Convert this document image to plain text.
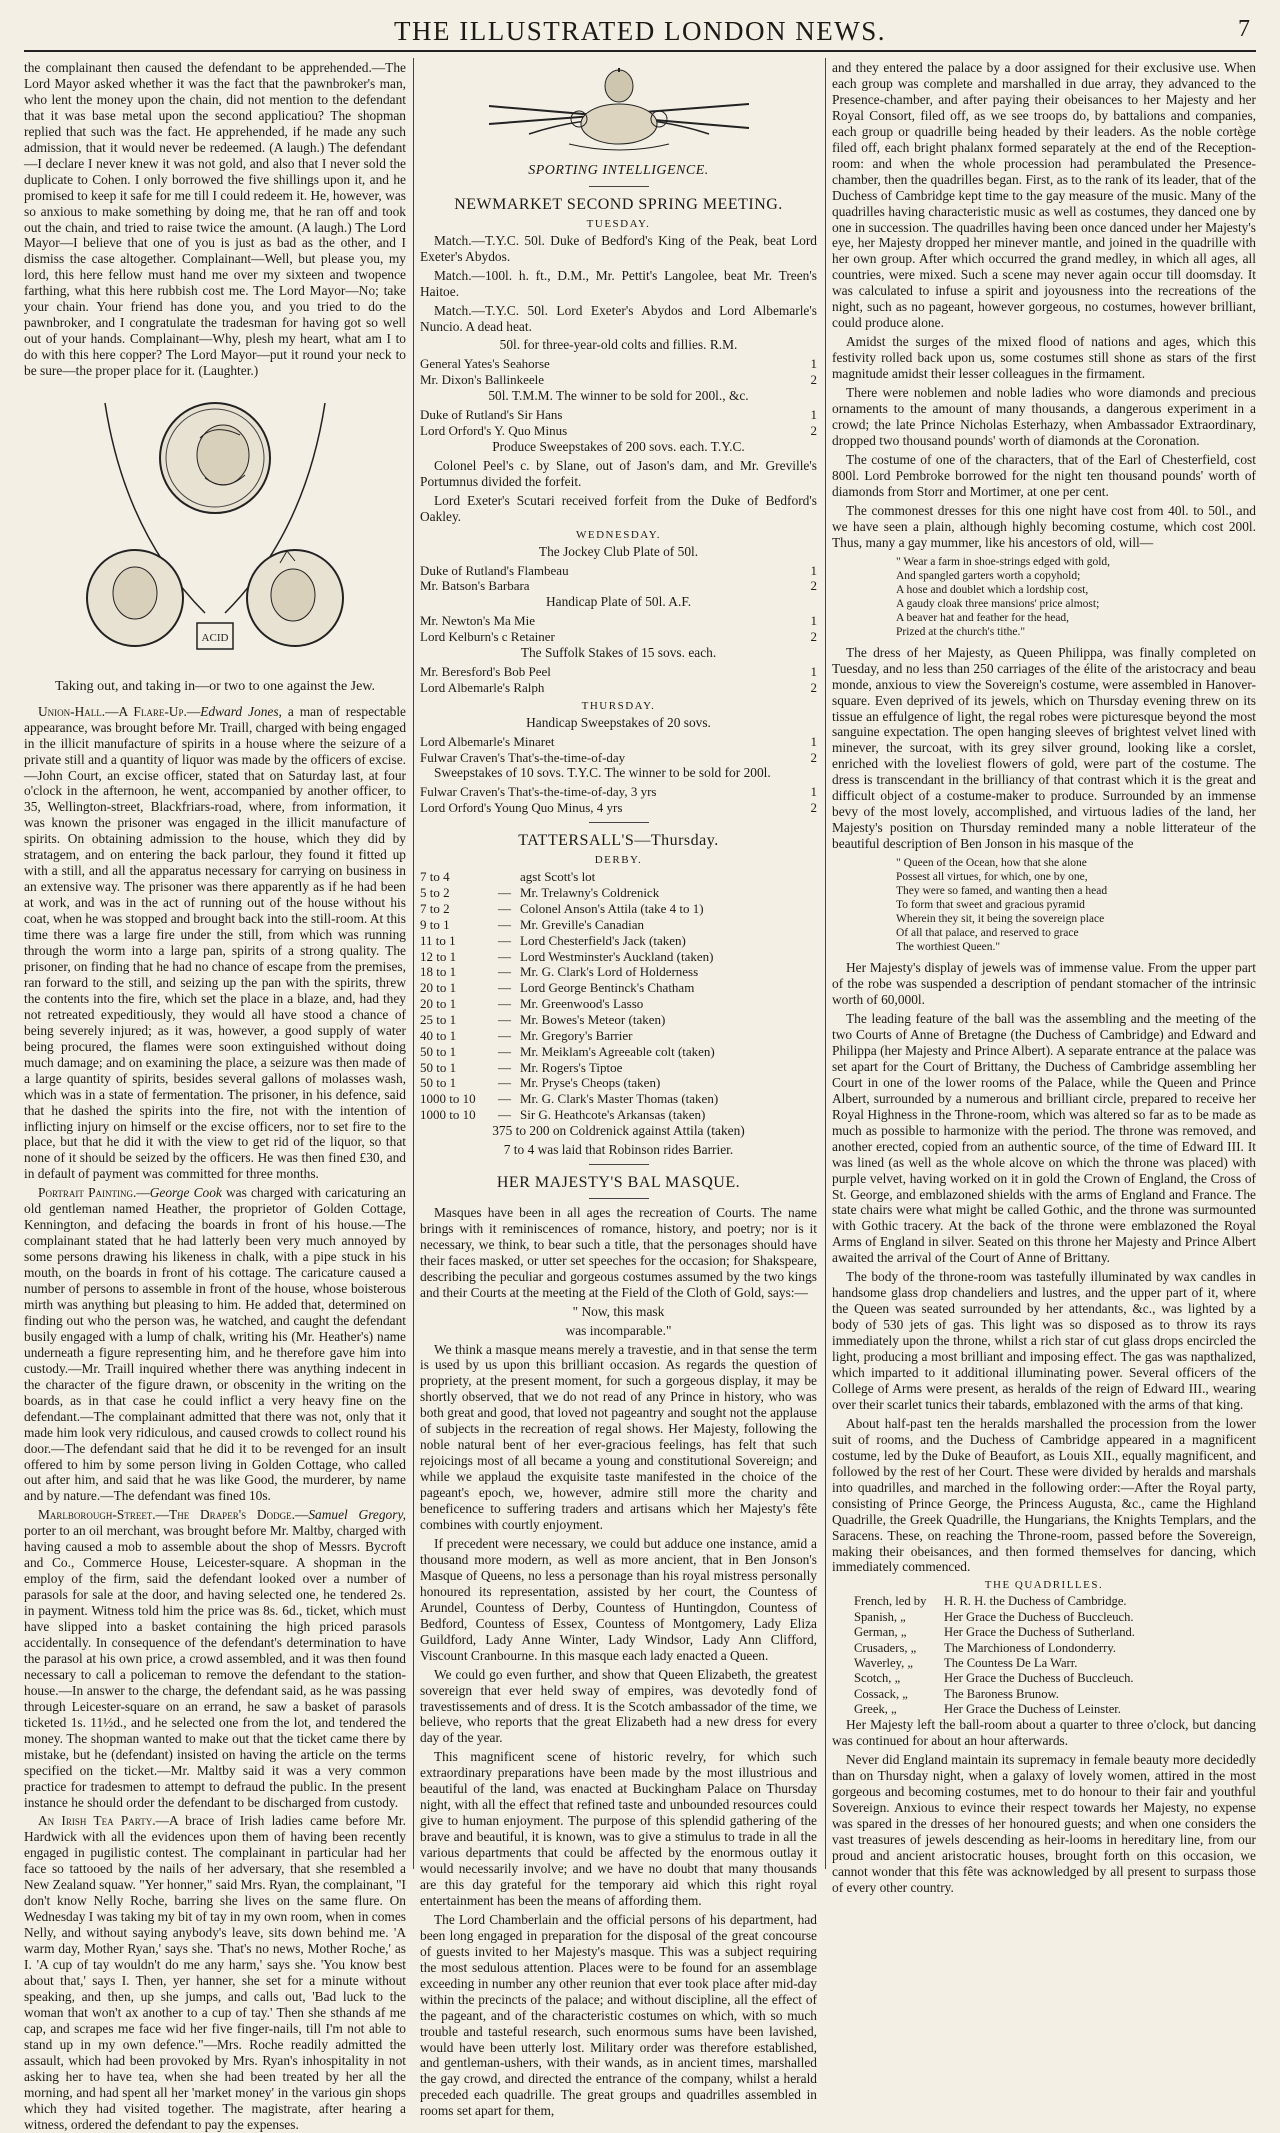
THE ILLUSTRATED LONDON NEWS.	7

the complainant then caused the defendant to be apprehended.—The Lord Mayor asked whether it was the fact that the pawnbroker's man, who lent the money upon the chain, did not mention to the defendant that it was base metal upon the second applicatiou? The shopman replied that such was the fact. He apprehended, if he made any such admission, that it would never be redeemed. (A laugh.) The defendant—I declare I never knew it was not gold, and also that I never sold the duplicate to Cohen. I only borrowed the five shillings upon it, and he promised to keep it safe for me till I could redeem it. He, however, was so anxious to make something by doing me, that he ran off and took out the chain, and tried to raise twice the amount. (A laugh.) The Lord Mayor—I believe that one of you is just as bad as the other, and I dismiss the case altogether. Complainant—Well, but please you, my lord, this here fellow must hand me over my sixteen and twopence farthing, what this here rubbish cost me. The Lord Mayor—No; take your chain. Your friend has done you, and you tried to do the pawnbroker, and I congratulate the tradesman for having got so well out of your hands. Complainant—Why, plesh my heart, what am I to do with this here copper? The Lord Mayor—put it round your neck to be sure—the proper place for it. (Laughter.)

ACID

Taking out, and taking in—or two to one against the Jew.

Union-Hall.—A Flare-Up.—Edward Jones, a man of respectable appearance, was brought before Mr. Traill, charged with being engaged in the illicit manufacture of spirits in a house where the seizure of a private still and a quantity of liquor was made by the officers of excise.—John Court, an excise officer, stated that on Saturday last, at four o'clock in the afternoon, he went, accompanied by another officer, to 35, Wellington-street, Blackfriars-road, where, from information, it was known the prisoner was engaged in the illicit manufacture of spirits. On obtaining admission to the house, which they did by stratagem, and on entering the back parlour, they found it fitted up with a still, and all the apparatus necessary for carrying on business in an extensive way. The prisoner was there apparently as if he had been at work, and was in the act of running out of the house without his coat, when he was stopped and brought back into the still-room. At this time there was a large fire under the still, from which was running through the worm into a large pan, spirits of a strong quality. The prisoner, on finding that he had no chance of escape from the premises, ran forward to the still, and seizing up the pan with the spirits, threw the contents into the fire, which set the place in a blaze, and, had they not retreated expeditiously, they would all have stood a chance of being severely injured; as it was, however, a good supply of water being procured, the flames were soon extinguished without doing much damage; and on examining the place, a seizure was then made of a large quantity of spirits, besides several gallons of molasses wash, which was in a state of fermentation. The prisoner, in his defence, said that he dashed the spirits into the fire, not with the intention of inflicting injury on himself or the excise officers, nor to set fire to the place, but that he did it with the view to get rid of the liquor, so that none of it should be seized by the officers. He was then fined £30, and in default of payment was committed for three months.

Portrait Painting.—George Cook was charged with caricaturing an old gentleman named Heather, the proprietor of Golden Cottage, Kennington, and defacing the boards in front of his house.—The complainant stated that he had latterly been very much annoyed by some persons drawing his likeness in chalk, with a pipe stuck in his mouth, on the boards in front of his cottage. The caricature caused a number of persons to assemble in front of the house, whose boisterous mirth was anything but pleasing to him. He added that, determined on finding out who the person was, he watched, and caught the defendant busily engaged with a lump of chalk, writing his (Mr. Heather's) name underneath a figure representing him, and he therefore gave him into custody.—Mr. Traill inquired whether there was anything indecent in the character of the figure drawn, or obscenity in the writing on the boards, as in that case he could inflict a very heavy fine on the defendant.—The complainant admitted that there was not, only that it made him look very ridiculous, and caused crowds to collect round his door.—The defendant said that he did it to be revenged for an insult offered to him by some person living in Golden Cottage, who called out after him, and said that he was like Good, the murderer, by name and by nature.—The defendant was fined 10s.

Marlborough-Street.—The Draper's Dodge.—Samuel Gregory, porter to an oil merchant, was brought before Mr. Maltby, charged with having caused a mob to assemble about the shop of Messrs. Bycroft and Co., Commerce House, Leicester-square. A shopman in the employ of the firm, said the defendant looked over a number of parasols for sale at the door, and having selected one, he tendered 2s. in payment. Witness told him the price was 8s. 6d., ticket, which must have slipped into a basket containing the high priced parasols accidentally. In consequence of the defendant's determination to have the parasol at his own price, a crowd assembled, and it was then found necessary to call a policeman to remove the defendant to the station-house.—In answer to the charge, the defendant said, as he was passing through Leicester-square on an errand, he saw a basket of parasols ticketed 1s. 11½d., and he selected one from the lot, and tendered the money. The shopman wanted to make out that the ticket came there by mistake, but he (defendant) insisted on having the article on the terms specified on the ticket.—Mr. Maltby said it was a very common practice for tradesmen to attempt to defraud the public. In the present instance he should order the defendant to be discharged from custody.

An Irish Tea Party.—A brace of Irish ladies came before Mr. Hardwick with all the evidences upon them of having been recently engaged in pugilistic contest. The complainant in particular had her face so tattooed by the nails of her adversary, that she resembled a New Zealand squaw. "Yer honner," said Mrs. Ryan, the complainant, "I don't know Nelly Roche, barring she lives on the same flure. On Wednesday I was taking my bit of tay in my own room, when in comes Nelly, and without saying anybody's leave, sits down behind me. 'A warm day, Mother Ryan,' says she. 'That's no news, Mother Roche,' as I. 'A cup of tay wouldn't do me any harm,' says she. 'You know best about that,' says I. Then, yer hanner, she set for a minute without speaking, and then, up she jumps, and calls out, 'Bad luck to the woman that won't ax another to a cup of tay.' Then she sthands af me cap, and scrapes me face wid her five finger-nails, till I'm not able to stand up in my own defence."—Mrs. Roche readily admitted the assault, which had been provoked by Mrs. Ryan's inhospitality in not asking her to have tea, when she had been treated by her all the morning, and had spent all her 'market money' in the various gin shops which they had visited together. The magistrate, after hearing a witness, ordered the defendant to pay the expenses.

SPORTING INTELLIGENCE.
NEWMARKET SECOND SPRING MEETING.
TUESDAY.

Match.—T.Y.C. 50l. Duke of Bedford's King of the Peak, beat Lord Exeter's Abydos.

Match.—100l. h. ft., D.M., Mr. Pettit's Langolee, beat Mr. Treen's Haitoe.

Match.—T.Y.C. 50l. Lord Exeter's Abydos and Lord Albemarle's Nuncio. A dead heat.

50l. for three-year-old colts and fillies. R.M.

General Yates's Seahorse	1
Mr. Dixon's Ballinkeele	2

50l. T.M.M. The winner to be sold for 200l., &c.

Duke of Rutland's Sir Hans	1
Lord Orford's Y. Quo Minus	2

Produce Sweepstakes of 200 sovs. each. T.Y.C.

Colonel Peel's c. by Slane, out of Jason's dam, and Mr. Greville's Portumnus divided the forfeit.

Lord Exeter's Scutari received forfeit from the Duke of Bedford's Oakley.

WEDNESDAY.

The Jockey Club Plate of 50l.

Duke of Rutland's Flambeau	1
Mr. Batson's Barbara	2

Handicap Plate of 50l. A.F.

Mr. Newton's Ma Mie	1
Lord Kelburn's c Retainer	2

The Suffolk Stakes of 15 sovs. each.

Mr. Beresford's Bob Peel	1
Lord Albemarle's Ralph	2
THURSDAY.

Handicap Sweepstakes of 20 sovs.

Lord Albemarle's Minaret	1
Fulwar Craven's That's-the-time-of-day	2

Sweepstakes of 10 sovs. T.Y.C. The winner to be sold for 200l.

Fulwar Craven's That's-the-time-of-day, 3 yrs	1
Lord Orford's Young Quo Minus, 4 yrs	2
TATTERSALL'S—Thursday.
DERBY.
7 to 4	agst Scott's lot
5 to 2	— Mr. Trelawny's Coldrenick
7 to 2	— Colonel Anson's Attila (take 4 to 1)
9 to 1	— Mr. Greville's Canadian
11 to 1	— Lord Chesterfield's Jack (taken)
12 to 1	— Lord Westminster's Auckland (taken)
18 to 1	— Mr. G. Clark's Lord of Holderness
20 to 1	— Lord George Bentinck's Chatham
20 to 1	— Mr. Greenwood's Lasso
25 to 1	— Mr. Bowes's Meteor (taken)
40 to 1	— Mr. Gregory's Barrier
50 to 1	— Mr. Meiklam's Agreeable colt (taken)
50 to 1	— Mr. Rogers's Tiptoe
50 to 1	— Mr. Pryse's Cheops (taken)
1000 to 10	— Mr. G. Clark's Master Thomas (taken)
1000 to 10	— Sir G. Heathcote's Arkansas (taken)

375 to 200 on Coldrenick against Attila (taken)

7 to 4 was laid that Robinson rides Barrier.

HER MAJESTY'S BAL MASQUE.

Masques have been in all ages the recreation of Courts. The name brings with it reminiscences of romance, history, and poetry; nor is it necessary, we think, to bear such a title, that the personages should have their faces masked, or utter set speeches for the occasion; for Shakspeare, describing the peculiar and gorgeous costumes assumed by the two kings and their Courts at the meeting at the Field of the Cloth of Gold, says:—

" Now, this mask

was incomparable."

We think a masque means merely a travestie, and in that sense the term is used by us upon this brilliant occasion. As regards the question of propriety, at the present moment, for such a gorgeous display, it may be shortly observed, that we do not read of any Prince in history, who was both great and good, that loved not pageantry and sought not the applause of subjects in the recreation of regal shows. Her Majesty, following the noble natural bent of her ever-gracious feelings, has felt that such rejoicings most of all became a young and constitutional Sovereign; and while we applaud the exquisite taste manifested in the choice of the pageant's epoch, we, however, admire still more the charity and beneficence to suffering traders and artisans which her Majesty's fête combines with courtly enjoyment.

If precedent were necessary, we could but adduce one instance, amid a thousand more modern, as well as more ancient, that in Ben Jonson's Masque of Queens, no less a personage than his royal mistress personally honoured its representation, assisted by her court, the Countess of Arundel, Countess of Derby, Countess of Huntingdon, Countess of Bedford, Countess of Essex, Countess of Montgomery, Lady Eliza Guildford, Lady Anne Winter, Lady Windsor, Lady Ann Clifford, Viscount Cranbourne. In this masque each lady enacted a Queen.

We could go even further, and show that Queen Elizabeth, the greatest sovereign that ever held sway of empires, was devotedly fond of travestissements and of dress. It is the Scotch ambassador of the time, we believe, who reports that the great Elizabeth had a new dress for every day of the year.

This magnificent scene of historic revelry, for which such extraordinary preparations have been made by the most illustrious and beautiful of the land, was enacted at Buckingham Palace on Thursday night, with all the effect that refined taste and unbounded resources could give to human enjoyment. The purpose of this splendid gathering of the brave and beautiful, it is known, was to give a stimulus to trade in all the various departments that could be affected by the enormous outlay it would necessarily involve; and we have no doubt that many thousands are this day grateful for the temporary aid which this right royal entertainment has been the means of affording them.

The Lord Chamberlain and the official persons of his department, had been long engaged in preparation for the disposal of the great concourse of guests invited to her Majesty's masque. This was a subject requiring the most sedulous attention. Places were to be found for an assemblage exceeding in number any other reunion that ever took place after mid-day within the precincts of the palace; and without discipline, all the effect of the pageant, and of the characteristic costumes on which, with so much trouble and tasteful research, such enormous sums have been lavished, would have been utterly lost. Military order was therefore established, and gentleman-ushers, with their wands, as in ancient times, marshalled the gay crowd, and directed the entrance of the company, whilst a herald preceded each quadrille. The great groups and quadrilles assembled in rooms set apart for them,

and they entered the palace by a door assigned for their exclusive use. When each group was complete and marshalled in due array, they advanced to the Presence-chamber, and after paying their obeisances to her Majesty and her Royal Consort, filed off, as we see troops do, by battalions and companies, each group or quadrille being headed by their leaders. As the noble cortège filed off, each bright phalanx formed separately at the end of the Reception-room: and when the whole procession had perambulated the Presence-chamber, then the quadrilles began. First, as to the rank of its leader, that of the Duchess of Cambridge kept time to the gay measure of the music. Many of the quadrilles having characteristic music as well as costumes, they danced one by one in succession. The quadrilles having been once danced under her Majesty's eye, her Majesty dropped her minever mantle, and joined in the quadrille with her own group. After which occurred the grand medley, in which all ages, all countries, were mixed. Such a scene may never again occur till doomsday. It was calculated to infuse a spirit and joyousness into the recreations of the night, such as no pageant, however gorgeous, no costumes, however brilliant, could produce alone.

Amidst the surges of the mixed flood of nations and ages, which this festivity rolled back upon us, some costumes still shone as stars of the first magnitude amidst their lesser colleagues in the firmament.

There were noblemen and noble ladies who wore diamonds and precious ornaments to the amount of many thousands, a dangerous experiment in a crowd; the late Prince Nicholas Esterhazy, when Ambassador Extraordinary, dropped two thousand pounds' worth of diamonds at the Coronation.

The costume of one of the characters, that of the Earl of Chesterfield, cost 800l. Lord Pembroke borrowed for the night ten thousand pounds' worth of diamonds from Storr and Mortimer, at one per cent.

The commonest dresses for this one night have cost from 40l. to 50l., and we have seen a plain, although highly becoming costume, which cost 200l. Thus, many a gay mummer, like his ancestors of old, will—

" Wear a farm in shoe-strings edged with gold,
And spangled garters worth a copyhold;
A hose and doublet which a lordship cost,
A gaudy cloak three mansions' price almost;
A beaver hat and feather for the head,
Prized at the church's tithe."

The dress of her Majesty, as Queen Philippa, was finally completed on Tuesday, and no less than 250 carriages of the élite of the aristocracy and beau monde, anxious to view the Sovereign's costume, were assembled in Hanover-square. Even deprived of its jewels, which on Thursday evening threw on its tissue an effulgence of light, the regal robes were picturesque beyond the most sanguine expectation. The open hanging sleeves of brightest velvet lined with minever, the surcoat, with its grey silver ground, looking like a corslet, enriched with the loveliest flowers of gold, were part of the costume. The dress is transcendant in the brilliancy of that contrast which it is the great and difficult object of a costume-maker to produce. Surrounded by an immense bevy of the most lovely, accomplished, and virtuous ladies of the land, her Majesty's position on Thursday reminded many a noble litterateur of the beautiful description of Ben Jonson in his masque of the

" Queen of the Ocean, how that she alone
Possest all virtues, for which, one by one,
They were so famed, and wanting then a head
To form that sweet and gracious pyramid
Wherein they sit, it being the sovereign place
Of all that palace, and reserved to grace
The worthiest Queen."

Her Majesty's display of jewels was of immense value. From the upper part of the robe was suspended a description of pendant stomacher of the intrinsic worth of 60,000l.

The leading feature of the ball was the assembling and the meeting of the two Courts of Anne of Bretagne (the Duchess of Cambridge) and Edward and Philippa (her Majesty and Prince Albert). A separate entrance at the palace was set apart for the Court of Brittany, the Duchess of Cambridge assembling her Court in one of the lower rooms of the Palace, while the Queen and Prince Albert, surrounded by a numerous and brilliant circle, prepared to receive her Royal Highness in the Throne-room, which was altered so far as to be made as much as possible to harmonize with the period. The throne was removed, and another erected, copied from an authentic source, of the time of Edward III. It was lined (as well as the whole alcove on which the throne was placed) with purple velvet, having worked on it in gold the Crown of England, the Cross of St. George, and emblazoned shields with the arms of England and France. The state chairs were what might be called Gothic, and the throne was surmounted with Gothic tracery. At the back of the throne were emblazoned the Royal Arms of England in silver. Seated on this throne her Majesty and Prince Albert awaited the arrival of the Court of Anne of Brittany.

The body of the throne-room was tastefully illuminated by wax candles in handsome glass drop chandeliers and lustres, and the upper part of it, where the Queen was seated surrounded by her attendants, &c., was lighted by a body of 530 jets of gas. This light was so disposed as to throw its rays immediately upon the throne, whilst a rich star of cut glass drops encircled the light, producing a most brilliant and imposing effect. The gas was napthalized, which imparted to it additional illuminating power. Several officers of the College of Arms were present, as heralds of the reign of Edward III., wearing over their scarlet tunics their tabards, emblazoned with the arms of that king.

About half-past ten the heralds marshalled the procession from the lower suit of rooms, and the Duchess of Cambridge appeared in a magnificent costume, led by the Duke of Beaufort, as Louis XII., equally magnificent, and followed by the rest of her Court. These were divided by heralds and marshals into quadrilles, and marched in the following order:—After the Royal party, consisting of Prince George, the Princess Augusta, &c., came the Highland Quadrille, the Greek Quadrille, the Hungarians, the Knights Templars, and the Saracens. These, on reaching the Throne-room, passed before the Sovereign, making their obeisances, and then formed themselves for dancing, which immediately commenced.

THE QUADRILLES.
French, led by	H. R. H. the Duchess of Cambridge.
Spanish, „	Her Grace the Duchess of Buccleuch.
German, „	Her Grace the Duchess of Sutherland.
Crusaders, „	The Marchioness of Londonderry.
Waverley, „	The Countess De La Warr.
Scotch, „	Her Grace the Duchess of Buccleuch.
Cossack, „	The Baroness Brunow.
Greek, „	Her Grace the Duchess of Leinster.

Her Majesty left the ball-room about a quarter to three o'clock, but dancing was continued for about an hour afterwards.

Never did England maintain its supremacy in female beauty more decidedly than on Thursday night, when a galaxy of lovely women, attired in the most gorgeous and becoming costumes, met to do honour to their fair and youthful Sovereign. Anxious to evince their respect towards her Majesty, no expense was spared in the dresses of her honoured guests; and when one considers the vast treasures of jewels descending as heir-looms in hereditary line, from our proud and ancient aristocratic houses, brought forth on this occasion, we cannot wonder that this fête was acknowledged by all present to surpass those of every other country.
